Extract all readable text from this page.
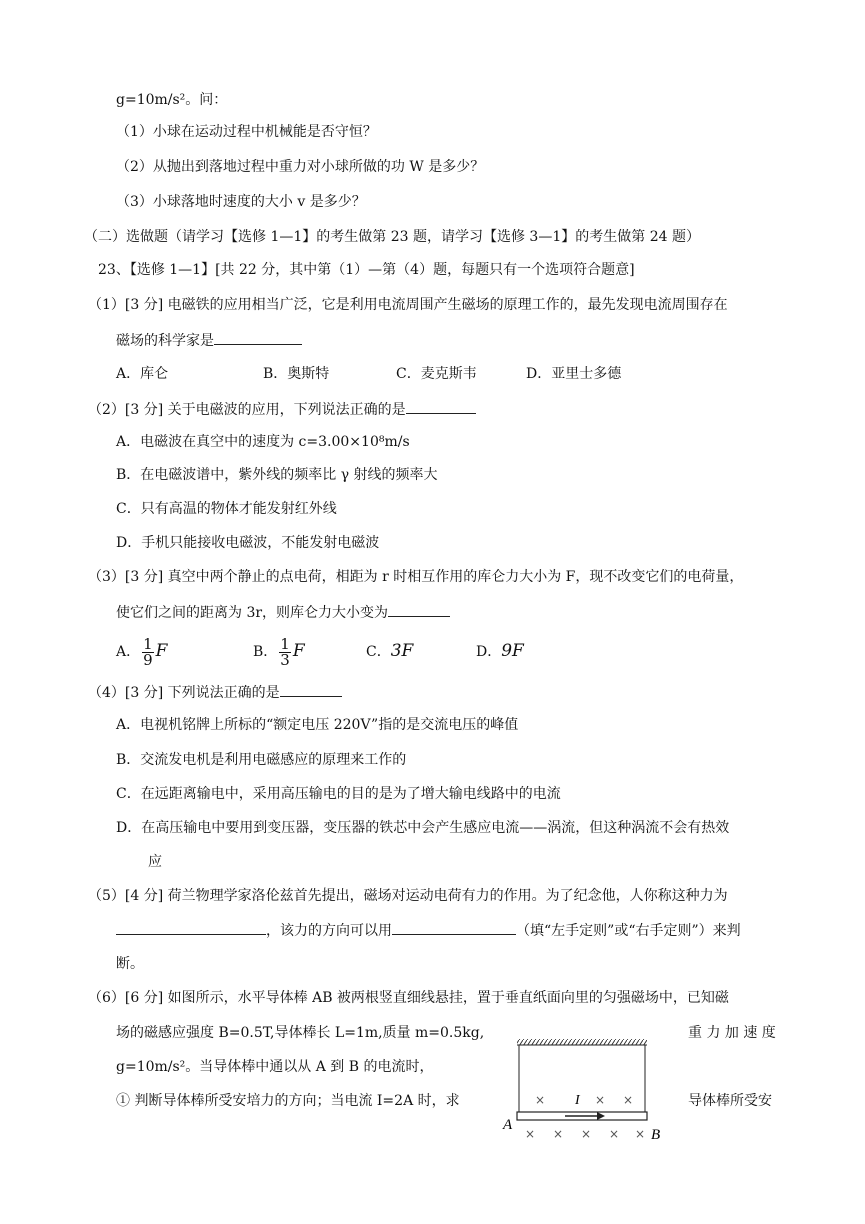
g=10m/s²。问：
（1）小球在运动过程中机械能是否守恒？
（2）从抛出到落地过程中重力对小球所做的功 W 是多少？
（3）小球落地时速度的大小 v 是多少？
（二）选做题（请学习【选修 1—1】的考生做第 23 题，请学习【选修 3—1】的考生做第 24 题）
23、【选修 1—1】[共 22 分，其中第（1）—第（4）题，每题只有一个选项符合题意]
（1）[3 分] 电磁铁的应用相当广泛，它是利用电流周围产生磁场的原理工作的，最先发现电流周围存在
磁场的科学家是
A．库仑	B．奥斯特	C．麦克斯韦	D．亚里士多德
（2）[3 分] 关于电磁波的应用，下列说法正确的是
A．电磁波在真空中的速度为 c=3.00×10⁸m/s
B．在电磁波谱中，紫外线的频率比 γ 射线的频率大
C．只有高温的物体才能发射红外线
D．手机只能接收电磁波，不能发射电磁波
（3）[3 分] 真空中两个静止的点电荷，相距为 r 时相互作用的库仑力大小为 F，现不改变它们的电荷量，
使它们之间的距离为 3r，则库仑力大小变为
A． $\frac{1}{9}$ F	B． $\frac{1}{3}$ F	C．3F	D．9F
（4）[3 分] 下列说法正确的是
A．电视机铭牌上所标的“额定电压 220V”指的是交流电压的峰值
B．交流发电机是利用电磁感应的原理来工作的
C．在远距离输电中，采用高压输电的目的是为了增大输电线路中的电流
D．在高压输电中要用到变压器，变压器的铁芯中会产生感应电流——涡流，但这种涡流不会有热效
应
（5）[4 分] 荷兰物理学家洛伦兹首先提出，磁场对运动电荷有力的作用。为了纪念他，人你称这种力为
，该力的方向可以用	（填“左手定则”或“右手定则”）来判
断。
（6）[6 分] 如图所示，水平导体棒 AB 被两根竖直细线悬挂，置于垂直纸面向里的匀强磁场中，已知磁
场的磁感应强度 B=0.5T,导体棒长 L=1m,质量 m=0.5kg,	重 力 加 速 度
g=10m/s²。当导体棒中通以从 A 到 B 的电流时，
① 判断导体棒所受安培力的方向；当电流 I=2A 时，求	导体棒所受安
A
B
I
×	× ×
× × × × ×
